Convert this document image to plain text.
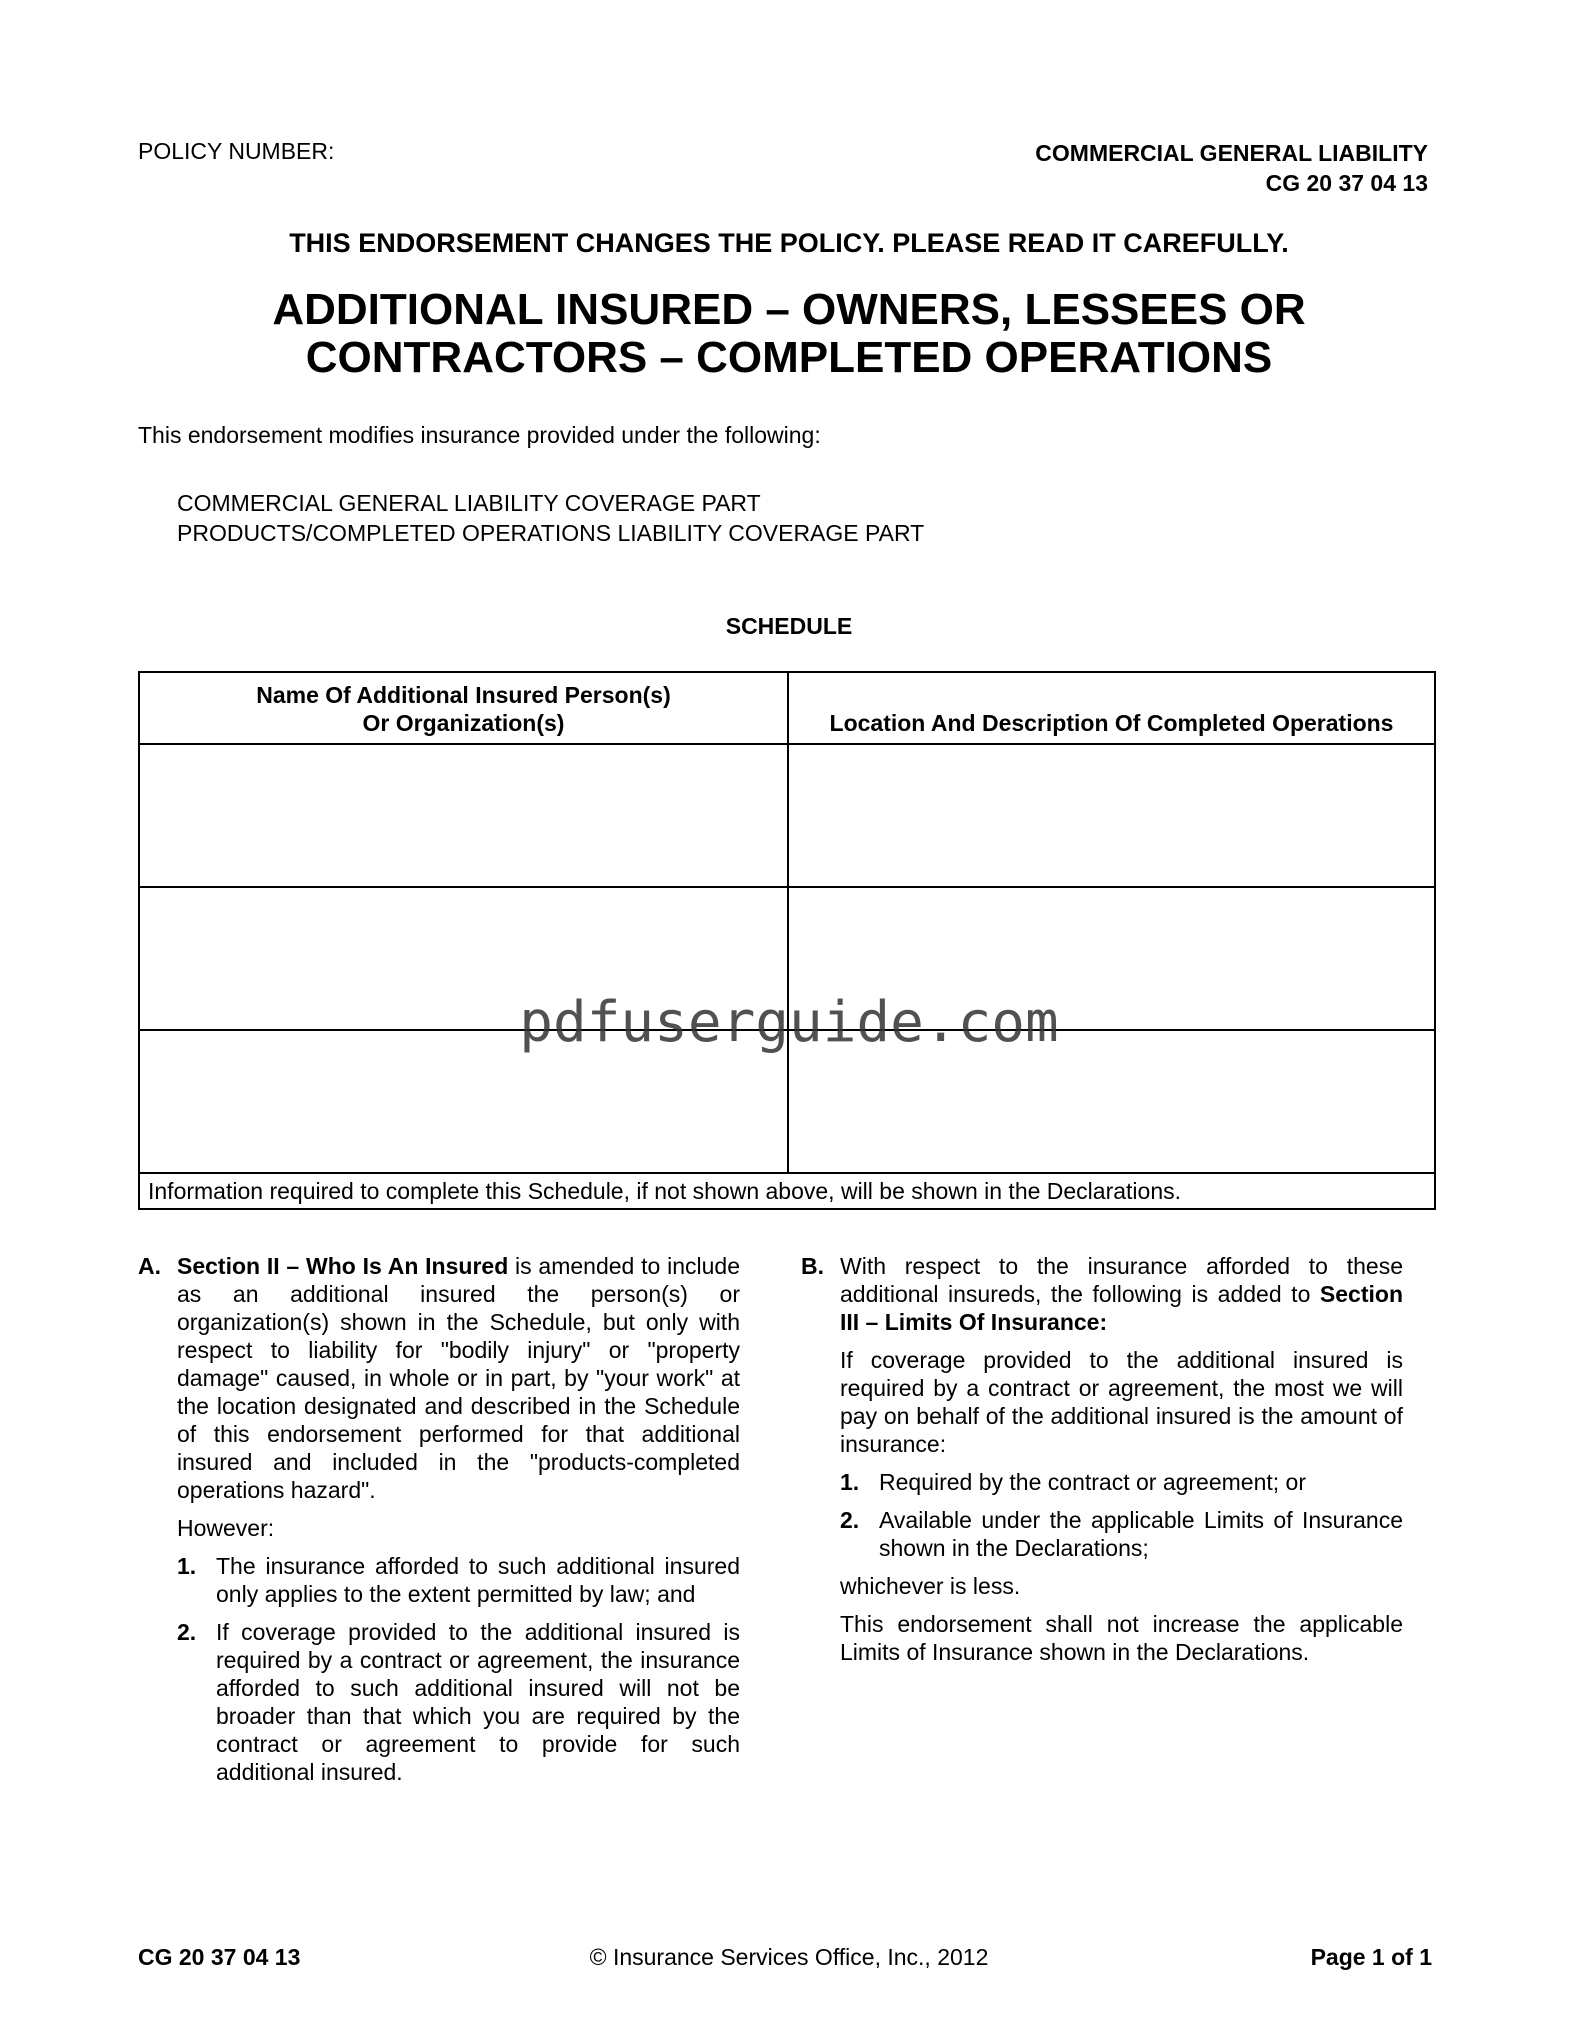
POLICY NUMBER:	COMMERCIAL GENERAL LIABILITY
CG 20 37 04 13
THIS ENDORSEMENT CHANGES THE POLICY. PLEASE READ IT CAREFULLY.
ADDITIONAL INSURED – OWNERS, LESSEES OR
CONTRACTORS – COMPLETED OPERATIONS
This endorsement modifies insurance provided under the following:
COMMERCIAL GENERAL LIABILITY COVERAGE PART
PRODUCTS/COMPLETED OPERATIONS LIABILITY COVERAGE PART
SCHEDULE
Name Of Additional Insured Person(s)
Or Organization(s)	Location And Description Of Completed Operations

Information required to complete this Schedule, if not shown above, will be shown in the Declarations.	
pdfuserguide.com
A. Section II – Who Is An Insured is amended to include as an additional insured the person(s) or organization(s) shown in the Schedule, but only with respect to liability for "bodily injury" or "property damage" caused, in whole or in part, by "your work" at the location designated and described in the Schedule of this endorsement performed for that additional insured and included in the "products-completed operations hazard".
However:
1. The insurance afforded to such additional insured only applies to the extent permitted by law; and
2. If coverage provided to the additional insured is required by a contract or agreement, the insurance afforded to such additional insured will not be broader than that which you are required by the contract or agreement to provide for such additional insured.
B. With respect to the insurance afforded to these additional insureds, the following is added to Section III – Limits Of Insurance:
If coverage provided to the additional insured is required by a contract or agreement, the most we will pay on behalf of the additional insured is the amount of insurance:
1. Required by the contract or agreement; or
2. Available under the applicable Limits of Insurance shown in the Declarations;
whichever is less.
This endorsement shall not increase the applicable Limits of Insurance shown in the Declarations.
CG 20 37 04 13	© Insurance Services Office, Inc., 2012	Page 1 of 1
